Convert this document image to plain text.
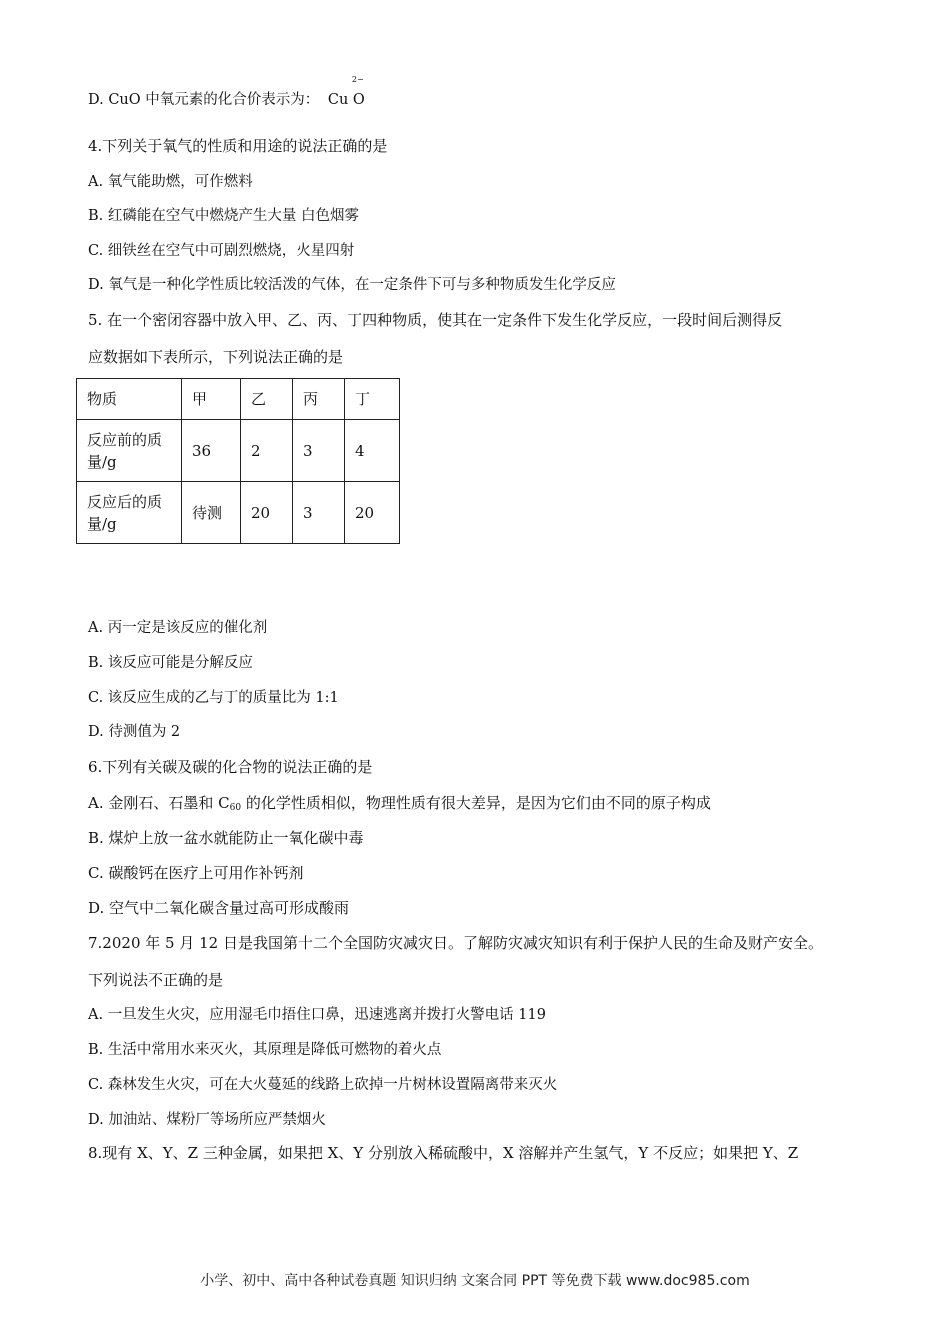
D. CuO 中氧元素的化合价表示为：
2−
Cu O
4.下列关于氧气的性质和用途的说法正确的是
A. 氧气能助燃，可作燃料
B. 红磷能在空气中燃烧产生大量 白色烟雾
C. 细铁丝在空气中可剧烈燃烧，火星四射
D. 氧气是一种化学性质比较活泼的气体，在一定条件下可与多种物质发生化学反应
5. 在一个密闭容器中放入甲、乙、丙、丁四种物质，使其在一定条件下发生化学反应，一段时间后测得反
应数据如下表所示，下列说法正确的是
物质	甲	乙	丙	丁

反应前的质
量/g	36	2	3	4

反应后的质
量/g	待测	20	3	20
A. 丙一定是该反应的催化剂
B. 该反应可能是分解反应
C. 该反应生成的乙与丁的质量比为 1:1
D. 待测值为 2
6.下列有关碳及碳的化合物的说法正确的是
A. 金刚石、石墨和 $C_{60}$ 的化学性质相似，物理性质有很大差异，是因为它们由不同的原子构成
B. 煤炉上放一盆水就能防止一氧化碳中毒
C. 碳酸钙在医疗上可用作补钙剂
D. 空气中二氧化碳含量过高可形成酸雨
7.2020 年 5 月 12 日是我国第十二个全国防灾减灾日。了解防灾减灾知识有利于保护人民的生命及财产安全。
下列说法不正确的是
A. 一旦发生火灾，应用湿毛巾捂住口鼻，迅速逃离并拨打火警电话 119
B. 生活中常用水来灭火，其原理是降低可燃物的着火点
C. 森林发生火灾，可在大火蔓延的线路上砍掉一片树林设置隔离带来灭火
D. 加油站、煤粉厂等场所应严禁烟火
8.现有 X、Y、Z 三种金属，如果把 X、Y 分别放入稀硫酸中，X 溶解并产生氢气，Y 不反应；如果把 Y、Z
小学、初中、高中各种试卷真题 知识归纳 文案合同 PPT 等免费下载 www.doc985.com
